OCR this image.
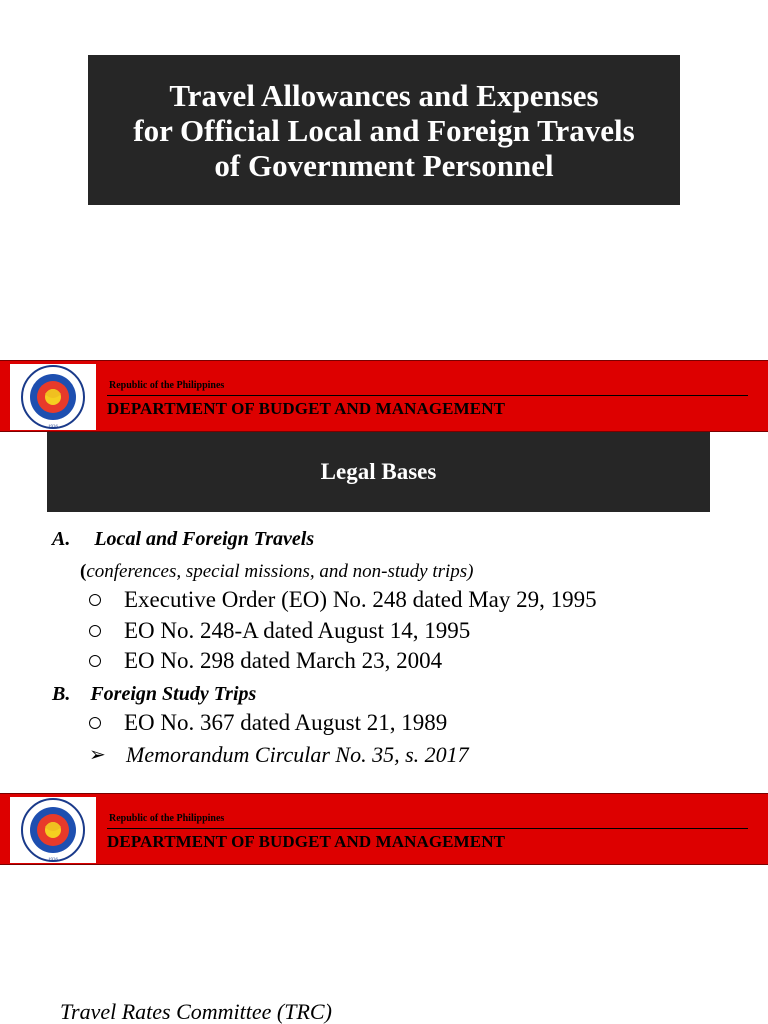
Travel Allowances and Expenses
for Official Local and Foreign Travels
of Government Personnel
1936
Republic of the Philippines
DEPARTMENT OF BUDGET AND MANAGEMENT
Legal Bases
A. Local and Foreign Travels
(conferences, special missions, and non-study trips)
Executive Order (EO) No. 248 dated May 29, 1995
EO No. 248-A dated August 14, 1995
EO No. 298 dated March 23, 2004
B. Foreign Study Trips
EO No. 367 dated August 21, 1989
➢ Memorandum Circular No. 35, s. 2017
1936
Republic of the Philippines
DEPARTMENT OF BUDGET AND MANAGEMENT
Travel Rates Committee (TRC)
